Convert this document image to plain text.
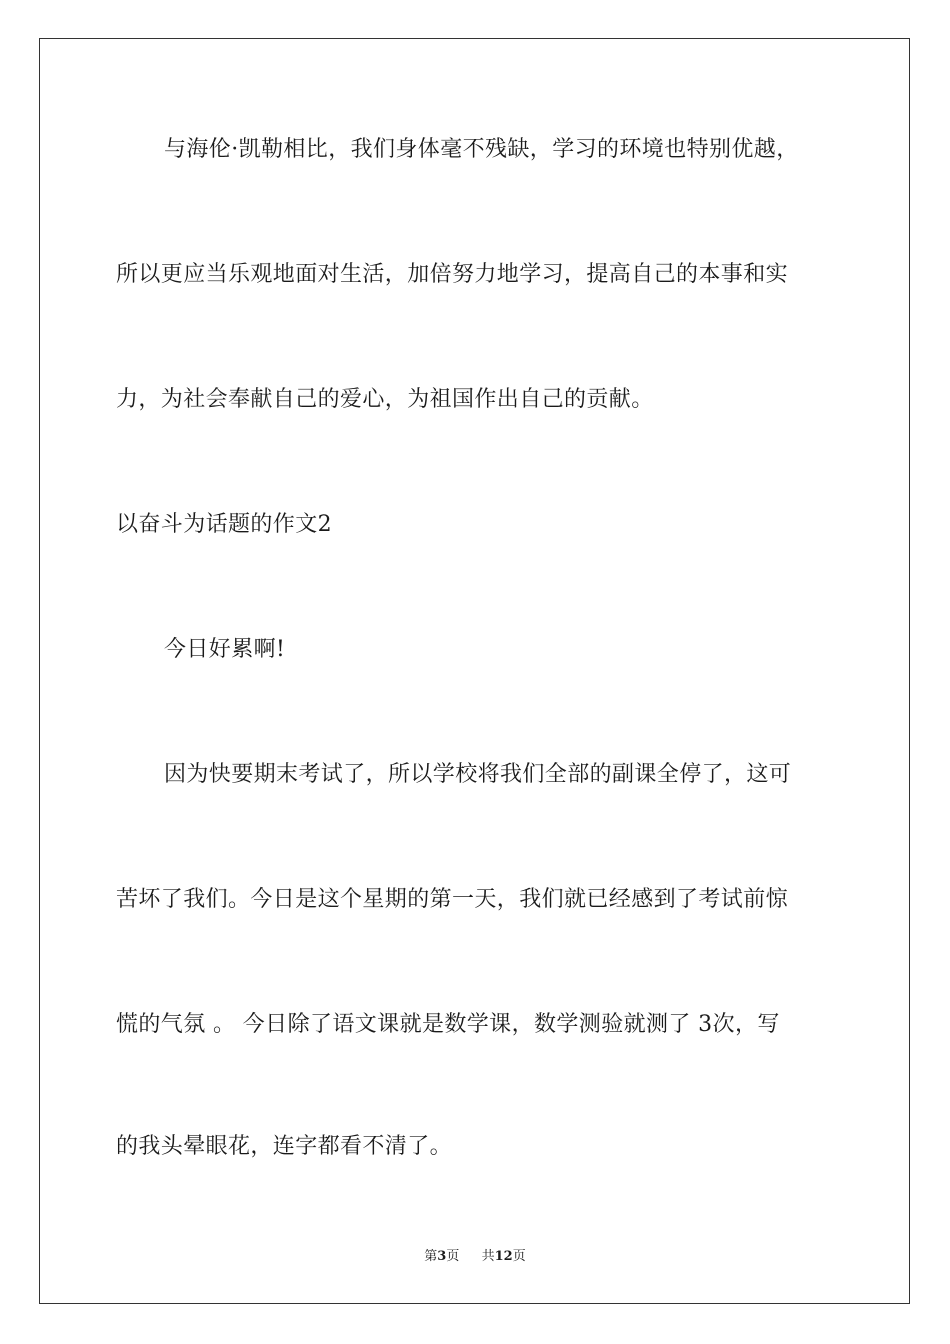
与海伦·凯勒相比，我们身体毫不残缺，学习的环境也特别优越，
所以更应当乐观地面对生活，加倍努力地学习，提高自己的本事和实
力，为社会奉献自己的爱心，为祖国作出自己的贡献。
以奋斗为话题的作文2
今日好累啊!
因为快要期末考试了，所以学校将我们全部的副课全停了，这可
苦坏了我们。今日是这个星期的第一天，我们就已经感到了考试前惊
慌的气氛 。 今日除了语文课就是数学课，数学测验就测了 3次，写
的我头晕眼花，连字都看不清了。
第3页 共12页
